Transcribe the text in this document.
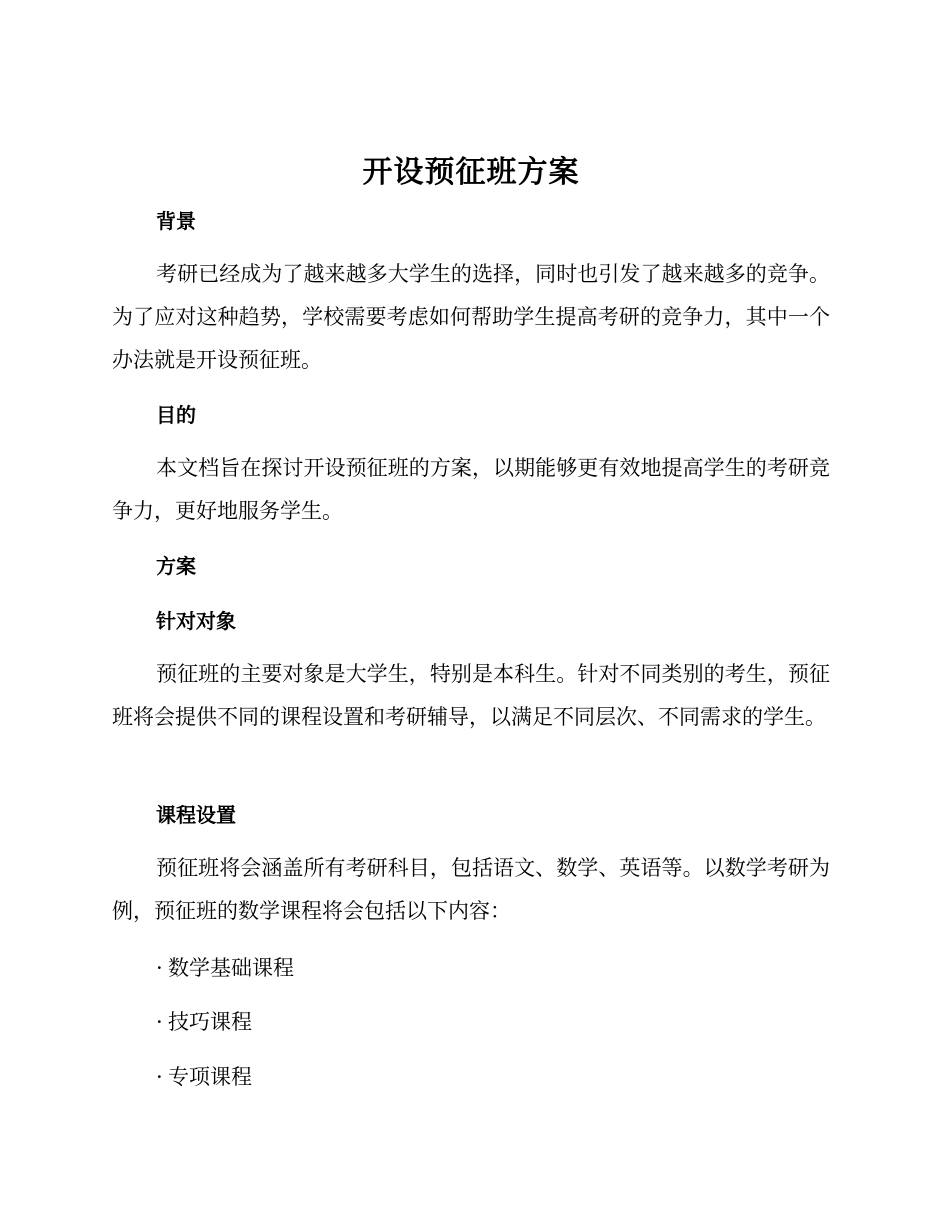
开设预征班方案
背景
考研已经成为了越来越多大学生的选择，同时也引发了越来越多的竞争。为了应对这种趋势，学校需要考虑如何帮助学生提高考研的竞争力，其中一个办法就是开设预征班。
目的
本文档旨在探讨开设预征班的方案，以期能够更有效地提高学生的考研竞争力，更好地服务学生。
方案
针对对象
预征班的主要对象是大学生，特别是本科生。针对不同类别的考生，预征班将会提供不同的课程设置和考研辅导，以满足不同层次、不同需求的学生。
课程设置
预征班将会涵盖所有考研科目，包括语文、数学、英语等。以数学考研为例，预征班的数学课程将会包括以下内容：
· 数学基础课程
· 技巧课程
· 专项课程
